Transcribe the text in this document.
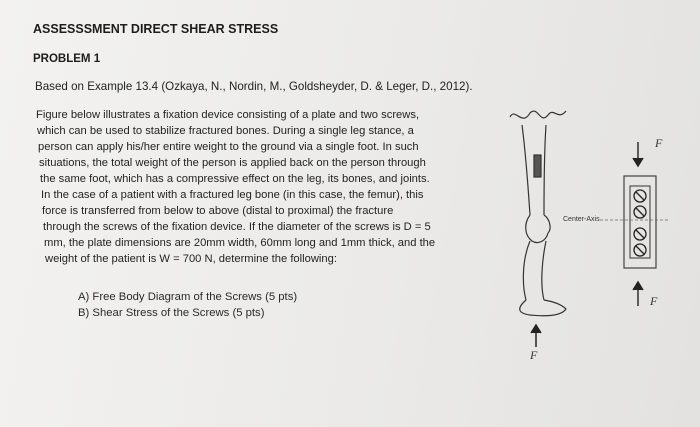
ASSESSSMENT DIRECT SHEAR STRESS
PROBLEM 1
Based on Example 13.4 (Ozkaya, N., Nordin, M., Goldsheyder, D. & Leger, D., 2012).
Figure below illustrates a fixation device consisting of a plate and two screws,
which can be used to stabilize fractured bones. During a single leg stance, a
person can apply his/her entire weight to the ground via a single foot. In such
situations, the total weight of the person is applied back on the person through
the same foot, which has a compressive effect on the leg, its bones, and joints.
In the case of a patient with a fractured leg bone (in this case, the femur), this
force is transferred from below to above (distal to proximal) the fracture
through the screws of the fixation device. If the diameter of the screws is D = 5
mm, the plate dimensions are 20mm width, 60mm long and 1mm thick, and the
weight of the patient is W = 700 N, determine the following:
A) Free Body Diagram of the Screws (5 pts)
B) Shear Stress of the Screws (5 pts)
F
F
F
Center-Axis
